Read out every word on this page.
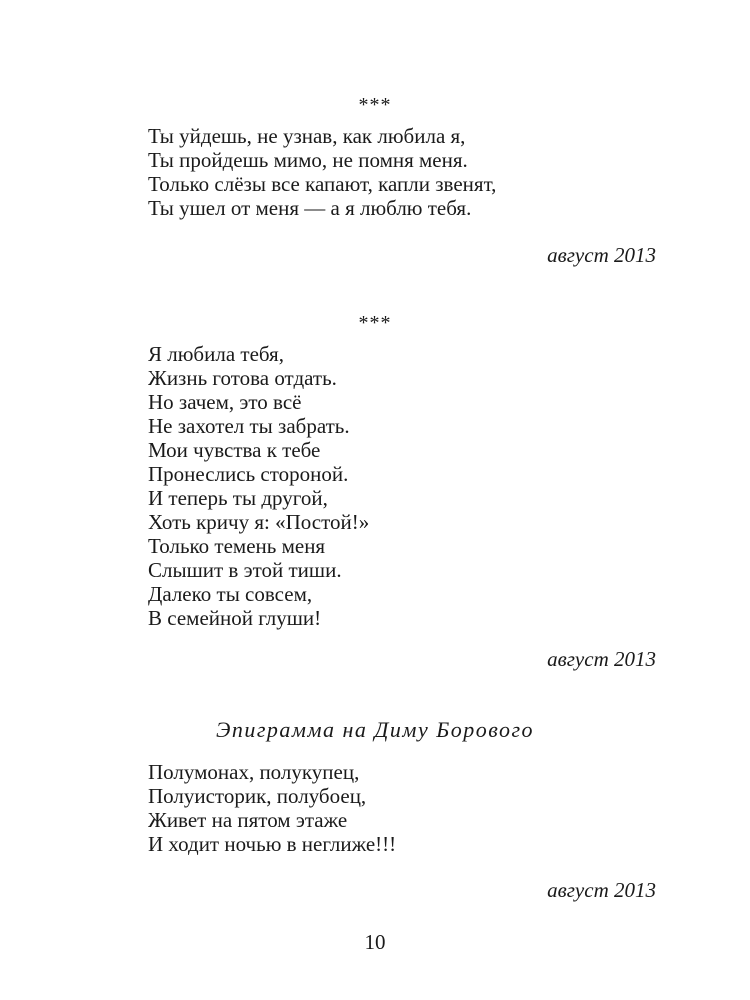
***
Ты уйдешь, не узнав, как любила я,
Ты пройдешь мимо, не помня меня.
Только слёзы все капают, капли звенят,
Ты ушел от меня — а я люблю тебя.
август 2013
***
Я любила тебя,
Жизнь готова отдать.
Но зачем, это всё
Не захотел ты забрать.
Мои чувства к тебе
Пронеслись стороной.
И теперь ты другой,
Хоть кричу я: «Постой!»
Только темень меня
Слышит в этой тиши.
Далеко ты совсем,
В семейной глуши!
август 2013
Эпиграмма на Диму Борового
Полумонах, полукупец,
Полуисторик, полубоец,
Живет на пятом этаже
И ходит ночью в неглиже!!!
август 2013
10
